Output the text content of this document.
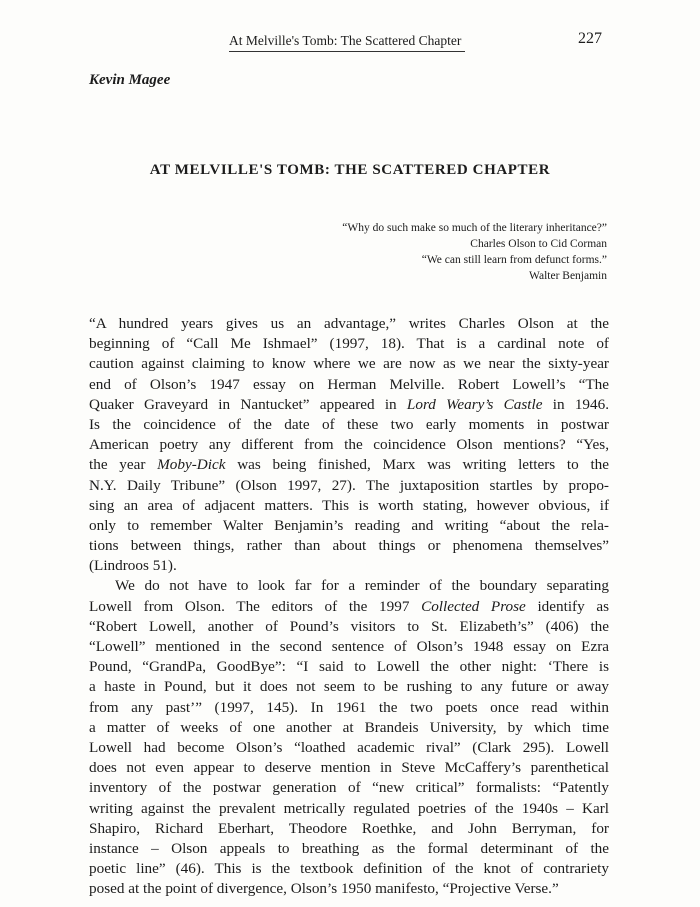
At Melville's Tomb: The Scattered Chapter	227
Kevin Magee
AT MELVILLE'S TOMB: THE SCATTERED CHAPTER
“Why do such make so much of the literary inheritance?”
Charles Olson to Cid Corman
“We can still learn from defunct forms.”
Walter Benjamin
“A hundred years gives us an advantage,” writes Charles Olson at the
beginning of “Call Me Ishmael” (1997, 18). That is a cardinal note of
caution against claiming to know where we are now as we near the sixty-year
end of Olson’s 1947 essay on Herman Melville. Robert Lowell’s “The
Quaker Graveyard in Nantucket” appeared in Lord Weary’s Castle in 1946.
Is the coincidence of the date of these two early moments in postwar
American poetry any different from the coincidence Olson mentions? “Yes,
the year Moby-Dick was being finished, Marx was writing letters to the
N.Y. Daily Tribune” (Olson 1997, 27). The juxtaposition startles by propo-
sing an area of adjacent matters. This is worth stating, however obvious, if
only to remember Walter Benjamin’s reading and writing “about the rela-
tions between things, rather than about things or phenomena themselves”
(Lindroos 51).
We do not have to look far for a reminder of the boundary separating
Lowell from Olson. The editors of the 1997 Collected Prose identify as
“Robert Lowell, another of Pound’s visitors to St. Elizabeth’s” (406) the
“Lowell” mentioned in the second sentence of Olson’s 1948 essay on Ezra
Pound, “GrandPa, GoodBye”: “I said to Lowell the other night: ‘There is
a haste in Pound, but it does not seem to be rushing to any future or away
from any past’” (1997, 145). In 1961 the two poets once read within
a matter of weeks of one another at Brandeis University, by which time
Lowell had become Olson’s “loathed academic rival” (Clark 295). Lowell
does not even appear to deserve mention in Steve McCaffery’s parenthetical
inventory of the postwar generation of “new critical” formalists: “Patently
writing against the prevalent metrically regulated poetries of the 1940s – Karl
Shapiro, Richard Eberhart, Theodore Roethke, and John Berryman, for
instance – Olson appeals to breathing as the formal determinant of the
poetic line” (46). This is the textbook definition of the knot of contrariety
posed at the point of divergence, Olson’s 1950 manifesto, “Projective Verse.”
